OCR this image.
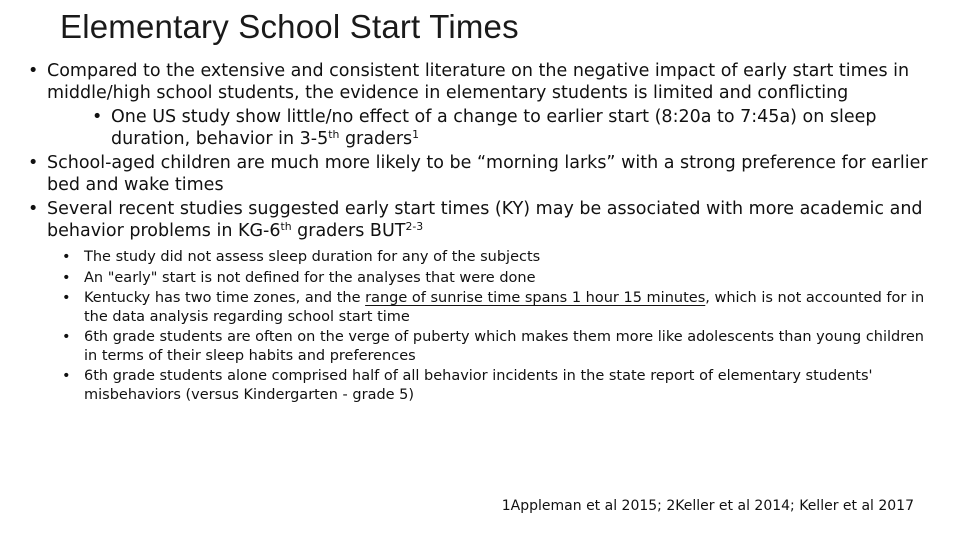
Elementary School Start Times
• Compared to the extensive and consistent literature on the negative impact of early start times in middle/high school students, the evidence in elementary students is limited and conflicting
• One US study show little/no effect of a change to earlier start (8:20a to 7:45a) on sleep duration, behavior in 3-5th graders$^1$
• School-aged children are much more likely to be “morning larks” with a strong preference for earlier bed and wake times
• Several recent studies suggested early start times (KY) may be associated with more academic and behavior problems in KG-6th graders BUT$^{2-3}$
• The study did not assess sleep duration for any of the subjects
• An "early" start is not defined for the analyses that were done
• Kentucky has two time zones, and the range of sunrise time spans 1 hour 15 minutes, which is not accounted for in the data analysis regarding school start time
• 6th grade students are often on the verge of puberty which makes them more like adolescents than young children in terms of their sleep habits and preferences
• 6th grade students alone comprised half of all behavior incidents in the state report of elementary students' misbehaviors (versus Kindergarten - grade 5)
1Appleman et al 2015; 2Keller et al 2014; Keller et al 2017
